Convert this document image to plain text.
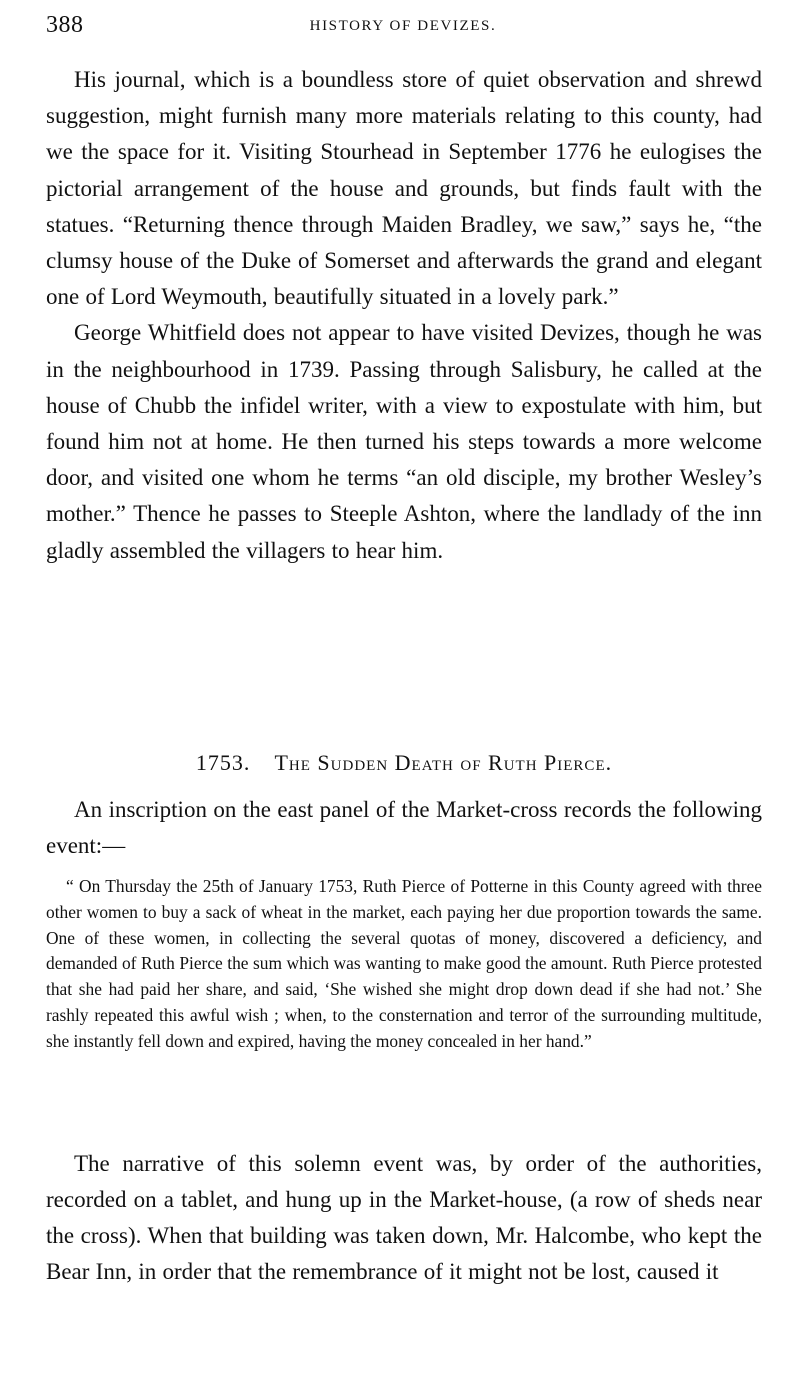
388	HISTORY OF DEVIZES.

His journal, which is a boundless store of quiet observation and shrewd suggestion, might furnish many more materials relating to this county, had we the space for it. Visiting Stourhead in September 1776 he eulogises the pictorial arrangement of the house and grounds, but finds fault with the statues. “Returning thence through Maiden Bradley, we saw,” says he, “the clumsy house of the Duke of Somerset and afterwards the grand and elegant one of Lord Weymouth, beautifully situated in a lovely park.”

George Whitfield does not appear to have visited Devizes, though he was in the neighbourhood in 1739. Passing through Salisbury, he called at the house of Chubb the infidel writer, with a view to expostulate with him, but found him not at home. He then turned his steps towards a more welcome door, and visited one whom he terms “an old disciple, my brother Wesley’s mother.” Thence he passes to Steeple Ashton, where the landlady of the inn gladly assembled the villagers to hear him.

1753. The Sudden Death of Ruth Pierce.

An inscription on the east panel of the Market-cross records the following event:—

“ On Thursday the 25th of January 1753, Ruth Pierce of Potterne in this County agreed with three other women to buy a sack of wheat in the market, each paying her due proportion towards the same. One of these women, in collecting the several quotas of money, discovered a deficiency, and demanded of Ruth Pierce the sum which was wanting to make good the amount. Ruth Pierce protested that she had paid her share, and said, ‘She wished she might drop down dead if she had not.’ She rashly repeated this awful wish ; when, to the consternation and terror of the surrounding multitude, she instantly fell down and expired, having the money concealed in her hand.”

The narrative of this solemn event was, by order of the authorities, recorded on a tablet, and hung up in the Market-house, (a row of sheds near the cross). When that building was taken down, Mr. Halcombe, who kept the Bear Inn, in order that the remembrance of it might not be lost, caused it
